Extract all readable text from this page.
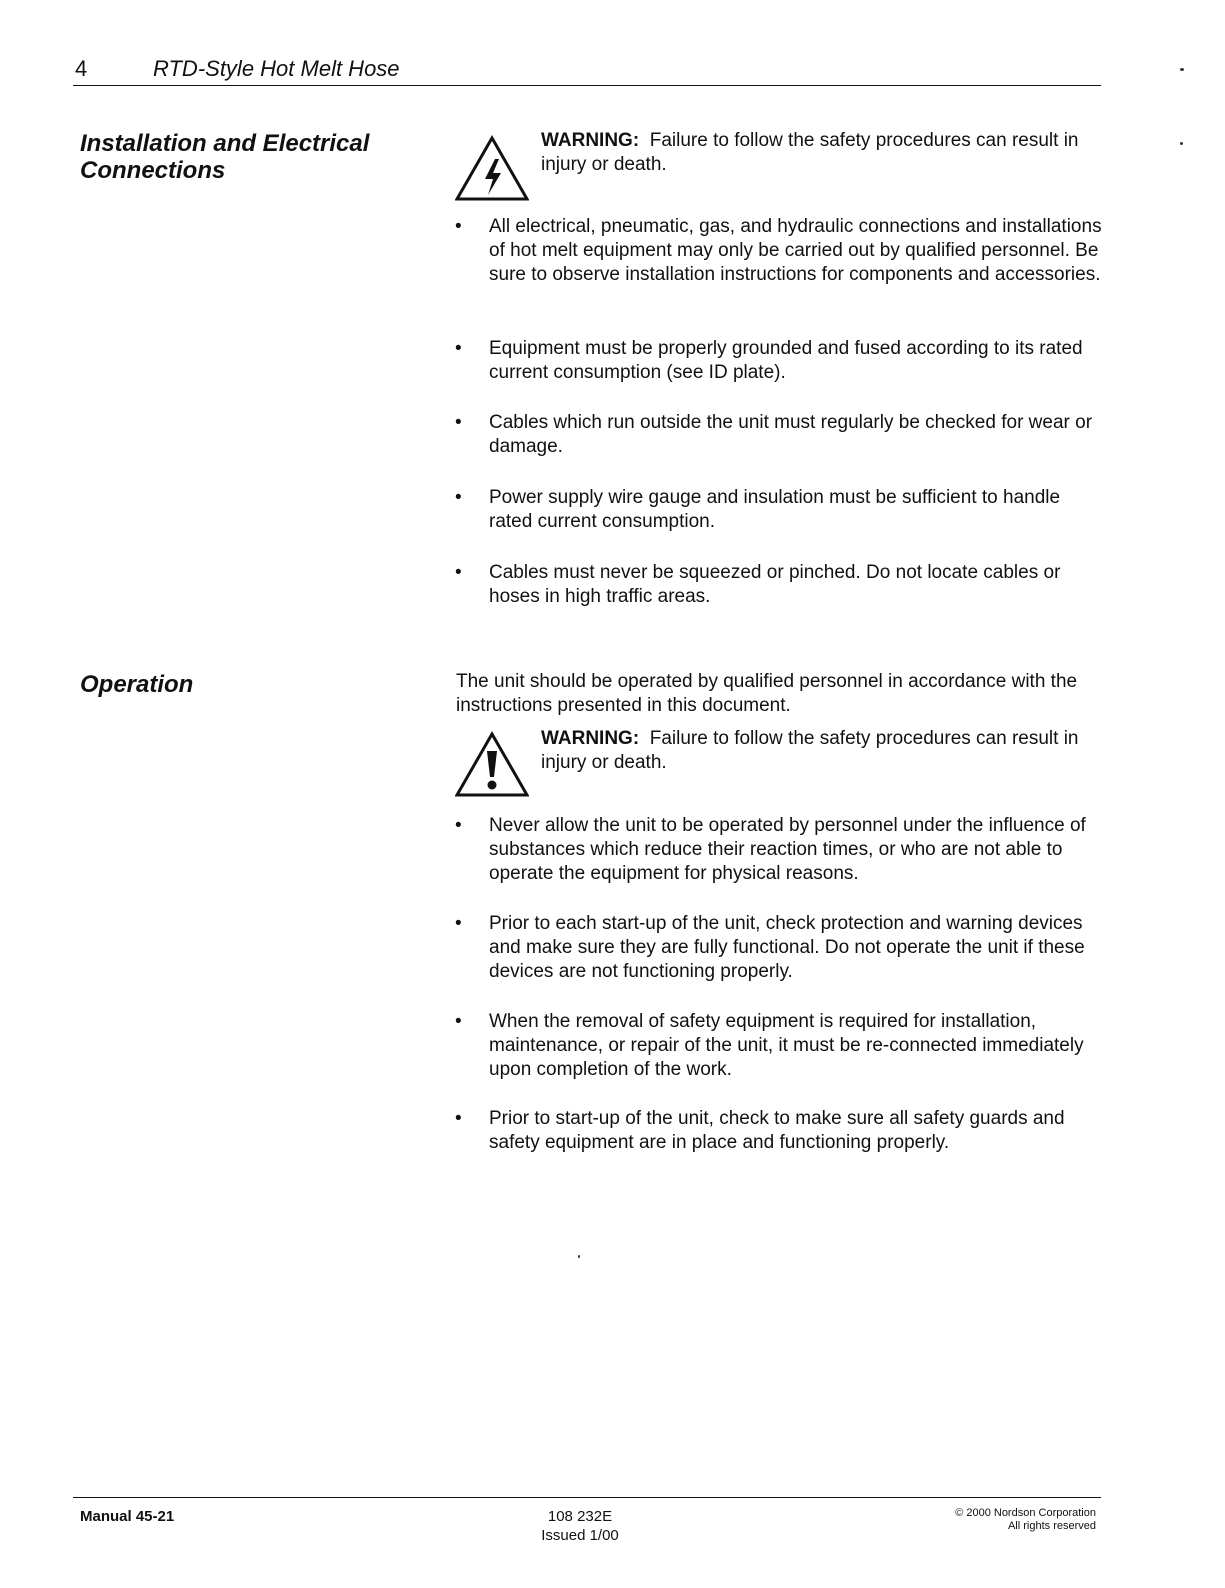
4	RTD-Style Hot Melt Hose
Installation and Electrical
Connections
WARNING: Failure to follow the safety procedures can result in injury or death.
•	All electrical, pneumatic, gas, and hydraulic connections and installations of hot melt equipment may only be carried out by qualified personnel. Be sure to observe installation instructions for components and accessories.
•	Equipment must be properly grounded and fused according to its rated current consumption (see ID plate).
•	Cables which run outside the unit must regularly be checked for wear or damage.
•	Power supply wire gauge and insulation must be sufficient to handle rated current consumption.
•	Cables must never be squeezed or pinched. Do not locate cables or hoses in high traffic areas.
Operation	The unit should be operated by qualified personnel in accordance with the instructions presented in this document.
WARNING: Failure to follow the safety procedures can result in injury or death.
•	Never allow the unit to be operated by personnel under the influence of substances which reduce their reaction times, or who are not able to operate the equipment for physical reasons.
•	Prior to each start-up of the unit, check protection and warning devices and make sure they are fully functional. Do not operate the unit if these devices are not functioning properly.
•	When the removal of safety equipment is required for installation, maintenance, or repair of the unit, it must be re-connected immediately upon completion of the work.
•	Prior to start-up of the unit, check to make sure all safety guards and safety equipment are in place and functioning properly.
Manual 45-21	108 232E
Issued 1/00
© 2000 Nordson Corporation
All rights reserved
